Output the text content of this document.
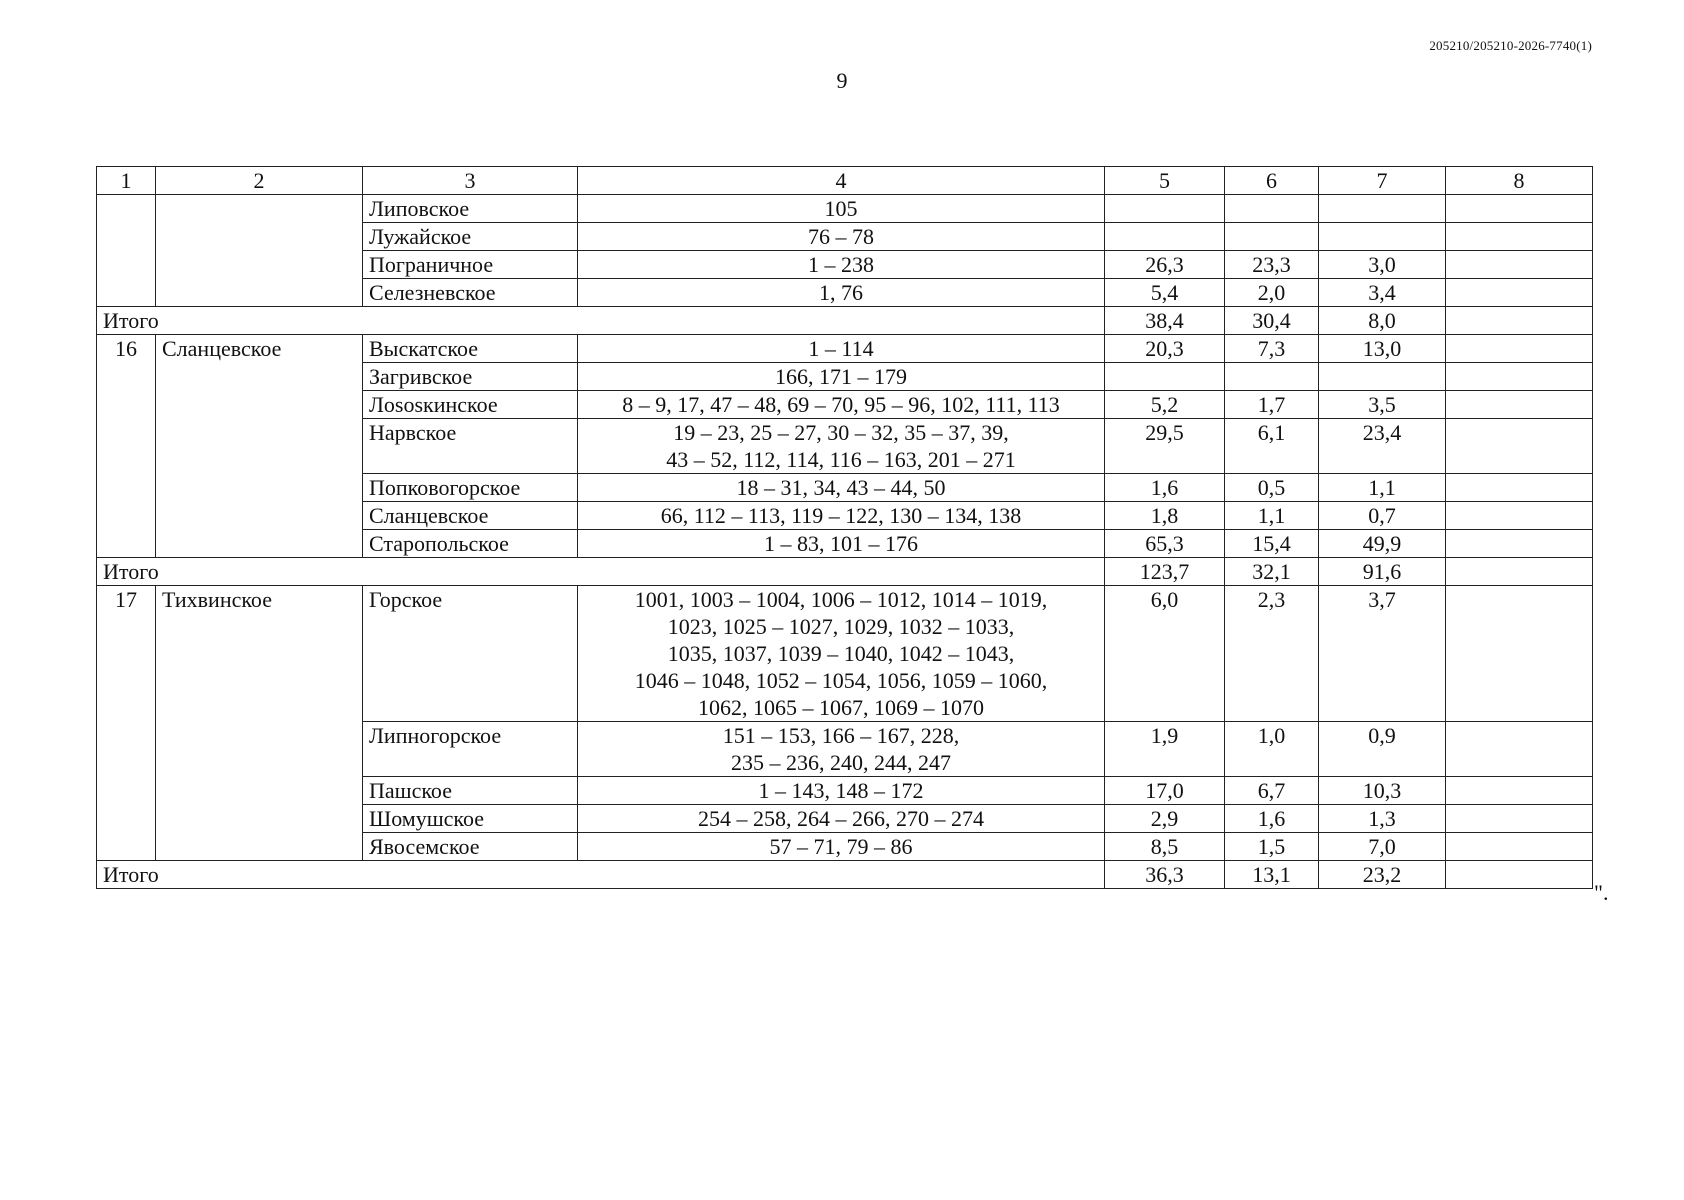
205210/205210-2026-7740(1)
9
1	2	3	4	5	6	7	8
		Липовское	105				

		Лужайское	76 – 78				

		Пограничное	1 – 238	26,3	23,3	3,0	
		Селезневское	1, 76	5,4	2,0	3,4	
Итого				38,4	30,4	8,0	
16	Сланцевское	Выскатское	1 – 114	20,3	7,3	13,0	
		Загривское	166, 171 – 179				

		Лososкинское	8 – 9, 17, 47 – 48, 69 – 70, 95 – 96, 102, 111, 113	5,2	1,7	3,5	
		Нарвское	19 – 23, 25 – 27, 30 – 32, 35 – 37, 39,
43 – 52, 112, 114, 116 – 163, 201 – 271	29,5	6,1	23,4	
		Попковогорское	18 – 31, 34, 43 – 44, 50	1,6	0,5	1,1	
		Сланцевское	66, 112 – 113, 119 – 122, 130 – 134, 138	1,8	1,1	0,7	
		Старопольское	1 – 83, 101 – 176	65,3	15,4	49,9	
Итого				123,7	32,1	91,6	
17	Тихвинское	Горское	1001, 1003 – 1004, 1006 – 1012, 1014 – 1019,
1023, 1025 – 1027, 1029, 1032 – 1033,
1035, 1037, 1039 – 1040, 1042 – 1043,
1046 – 1048, 1052 – 1054, 1056, 1059 – 1060,
1062, 1065 – 1067, 1069 – 1070	6,0	2,3	3,7	
		Липногорское	151 – 153, 166 – 167, 228,
235 – 236, 240, 244, 247	1,9	1,0	0,9	
		Пашское	1 – 143, 148 – 172	17,0	6,7	10,3	
		Шомушское	254 – 258, 264 – 266, 270 – 274	2,9	1,6	1,3	
		Явосемское	57 – 71, 79 – 86	8,5	1,5	7,0	
Итого				36,3	13,1	23,2	
".
